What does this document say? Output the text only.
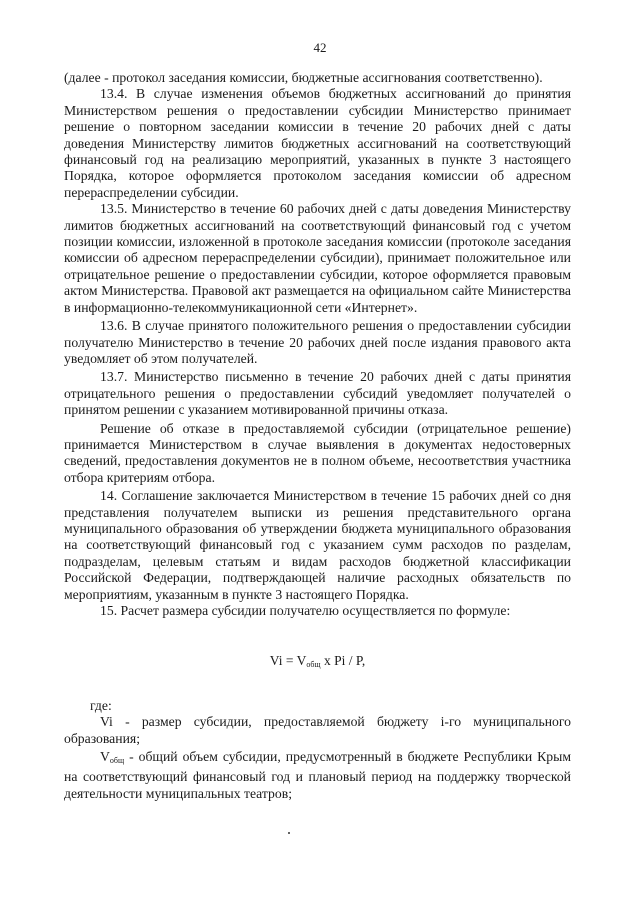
42

(далее - протокол заседания комиссии, бюджетные ассигнования соответственно).

13.4. В случае изменения объемов бюджетных ассигнований до принятия Министерством решения о предоставлении субсидии Министерство принимает решение о повторном заседании комиссии в течение 20 рабочих дней с даты доведения Министерству лимитов бюджетных ассигнований на соответствующий финансовый год на реализацию мероприятий, указанных в пункте 3 настоящего Порядка, которое оформляется протоколом заседания комиссии об адресном перераспределении субсидии.

13.5. Министерство в течение 60 рабочих дней с даты доведения Министерству лимитов бюджетных ассигнований на соответствующий финансовый год с учетом позиции комиссии, изложенной в протоколе заседания комиссии (протоколе заседания комиссии об адресном перераспределении субсидии), принимает положительное или отрицательное решение о предоставлении субсидии, которое оформляется правовым актом Министерства. Правовой акт размещается на официальном сайте Министерства в информационно-телекоммуникационной сети «Интернет».

13.6. В случае принятого положительного решения о предоставлении субсидии получателю Министерство в течение 20 рабочих дней после издания правового акта уведомляет об этом получателей.

13.7. Министерство письменно в течение 20 рабочих дней с даты принятия отрицательного решения о предоставлении субсидий уведомляет получателей о принятом решении с указанием мотивированной причины отказа.

Решение об отказе в предоставляемой субсидии (отрицательное решение) принимается Министерством в случае выявления в документах недостоверных сведений, предоставления документов не в полном объеме, несоответствия участника отбора критериям отбора.

14. Соглашение заключается Министерством в течение 15 рабочих дней со дня представления получателем выписки из решения представительного органа муниципального образования об утверждении бюджета муниципального образования на соответствующий финансовый год с указанием сумм расходов по разделам, подразделам, целевым статьям и видам расходов бюджетной классификации Российской Федерации, подтверждающей наличие расходных обязательств по мероприятиям, указанным в пункте 3 настоящего Порядка.

15. Расчет размера субсидии получателю осуществляется по формуле:

$Vi = V_{общ}$ x Pi / P,

где:

Vi - размер субсидии, предоставляемой бюджету i-го муниципального образования;

Vобщ - общий объем субсидии, предусмотренный в бюджете Республики Крым на соответствующий финансовый год и плановый период на поддержку творческой деятельности муниципальных театров;
